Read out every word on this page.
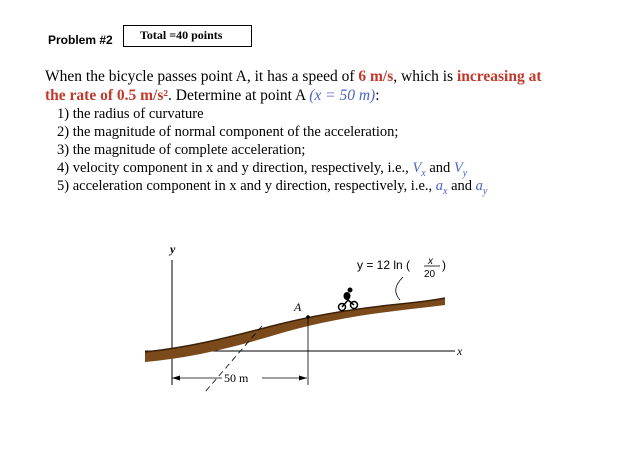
Problem #2 Total =40 points
When the bicycle passes point A, it has a speed of 6 m/s, which is increasing at
the rate of 0.5 m/s². Determine at point A (x = 50 m):
1) the radius of curvature
2) the magnitude of normal component of the acceleration;
3) the magnitude of complete acceleration;
4) velocity component in x and y direction, respectively, i.e., $V_x$ and $V_y$
5) acceleration component in x and y direction, respectively, i.e., $a_x$ and $a_y$
y
x
A
50 m
y = 12 ln ( x
20
)
